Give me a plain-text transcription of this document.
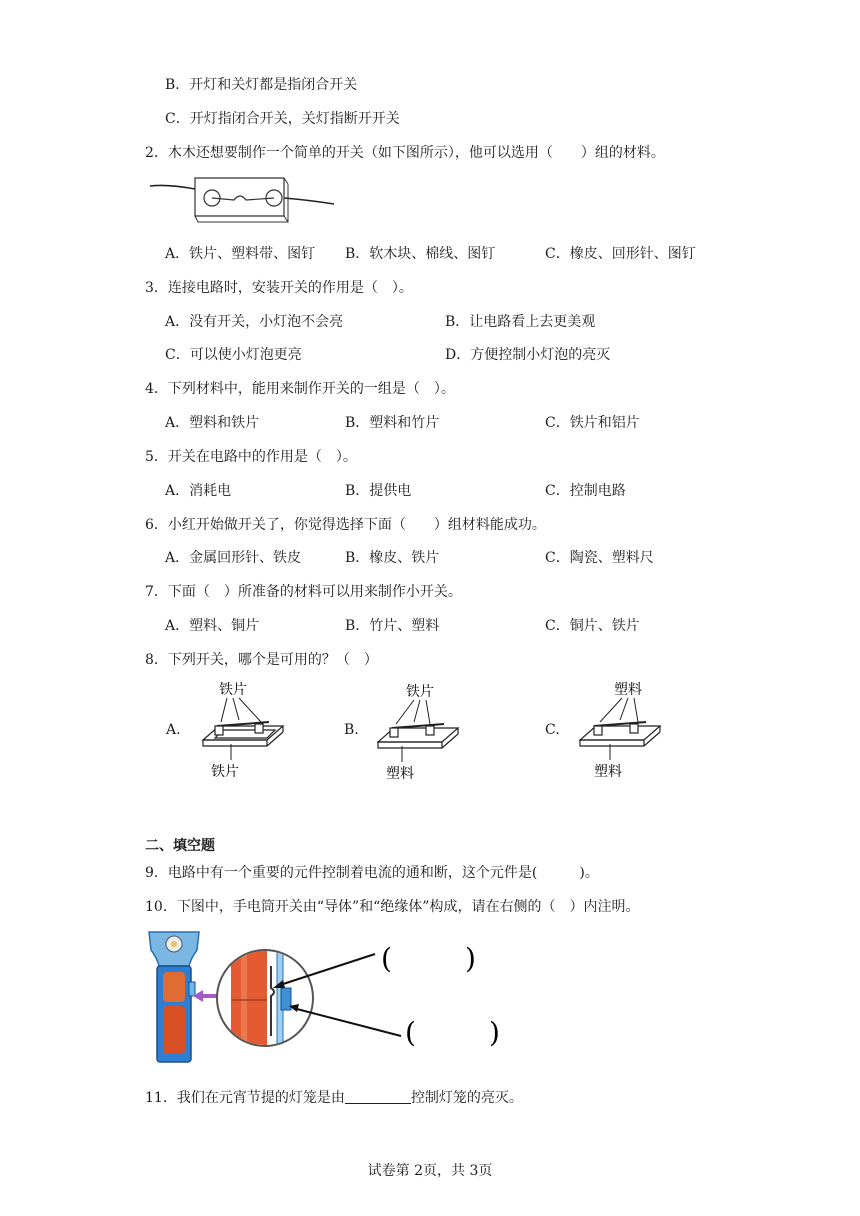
B．开灯和关灯都是指闭合开关
C．开灯指闭合开关，关灯指断开开关
2．木木还想要制作一个简单的开关（如下图所示），他可以选用（　　）组的材料。
A．铁片、塑料带、图钉 B．软木块、棉线、图钉	C．橡皮、回形针、图钉
3．连接电路时，安装开关的作用是（　）。
A．没有开关，小灯泡不会亮	B．让电路看上去更美观
C．可以使小灯泡更亮	D．方便控制小灯泡的亮灭
4．下列材料中，能用来制作开关的一组是（　）。
A．塑料和铁片	B．塑料和竹片	C．铁片和铝片
5．开关在电路中的作用是（　）。
A．消耗电	B．提供电	C．控制电路
6．小红开始做开关了，你觉得选择下面（　　）组材料能成功。
A．金属回形针、铁皮	B．橡皮、铁片	C．陶瓷、塑料尺
7．下面（　）所准备的材料可以用来制作小开关。
A．塑料、铜片	B．竹片、塑料	C．铜片、铁片
8．下列开关，哪个是可用的？（　）
A.	B.	C.
铁片
铁片
铁片
塑料
塑料
塑料
二、填空题
9．电路中有一个重要的元件控制着电流的通和断，这个元件是(	)。
10．下图中，手电筒开关由“导体”和“绝缘体”构成，请在右侧的（　）内注明。
(	)
(	)
11．我们在元宵节提的灯笼是由	控制灯笼的亮灭。
试卷第 2页，共 3页
